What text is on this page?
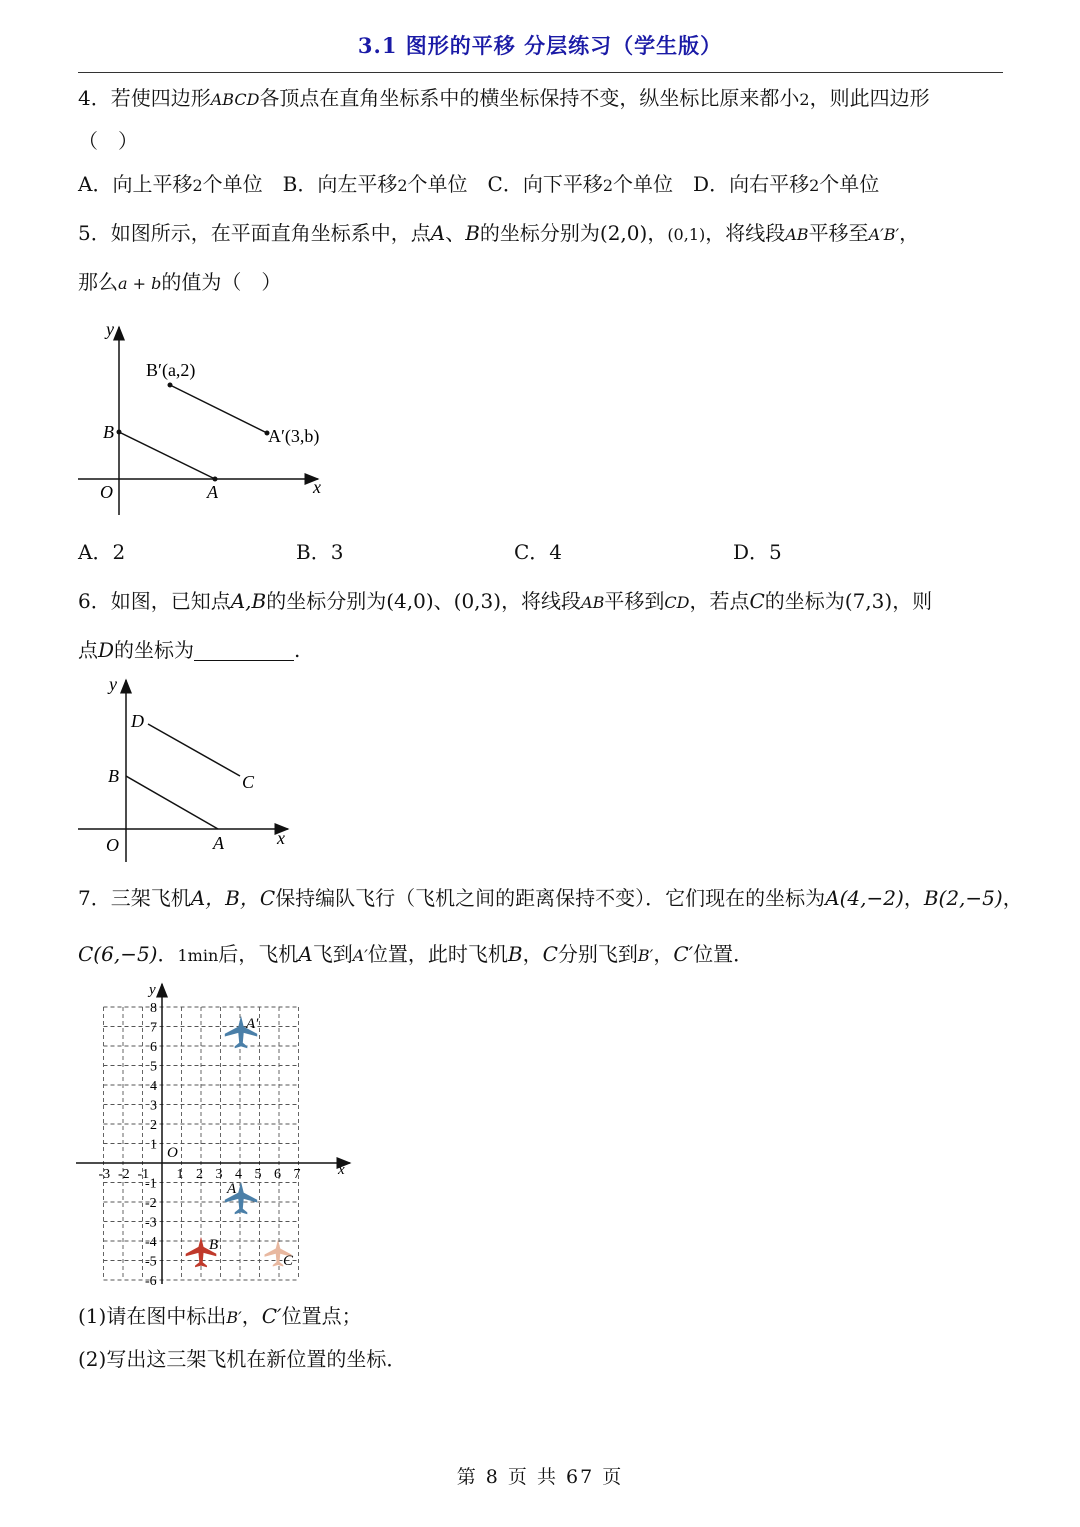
3.1 图形的平移 分层练习（学生版）
4．若使四边形ABCD各顶点在直角坐标系中的横坐标保持不变，纵坐标比原来都小2，则此四边形
（　）
A．向上平移2个单位  B．向左平移2个单位  C．向下平移2个单位  D．向右平移2个单位
5．如图所示，在平面直角坐标系中，点A、B的坐标分别为(2,0)，(0,1)，将线段AB平移至A′B′，
那么a + b的值为（　）
y
x
O
B
A
B′(a,2)
A′(3,b)
A．2	B．3	C．4	D．5
6．如图，已知点A,B的坐标分别为(4,0)、(0,3)，将线段AB平移到CD，若点C的坐标为(7,3)，则
点D的坐标为	.
y
x
O
B
A
D
C
7．三架飞机A，B，C保持编队飞行（飞机之间的距离保持不变）．它们现在的坐标为A(4,−2)，B(2,−5)，
C(6,−5)．1min后，飞机A飞到A′位置，此时飞机B，C分别飞到B′，C′位置．
-3 -2 -1 1 2 3 4 5 6 7
1
2
3
4
5
6
7
8
-1
-2
-3
-4
-5
-6
O
x
y
A′
A
B
C
(1)请在图中标出B′，C′位置点；
(2)写出这三架飞机在新位置的坐标．
第 8 页 共 67 页
